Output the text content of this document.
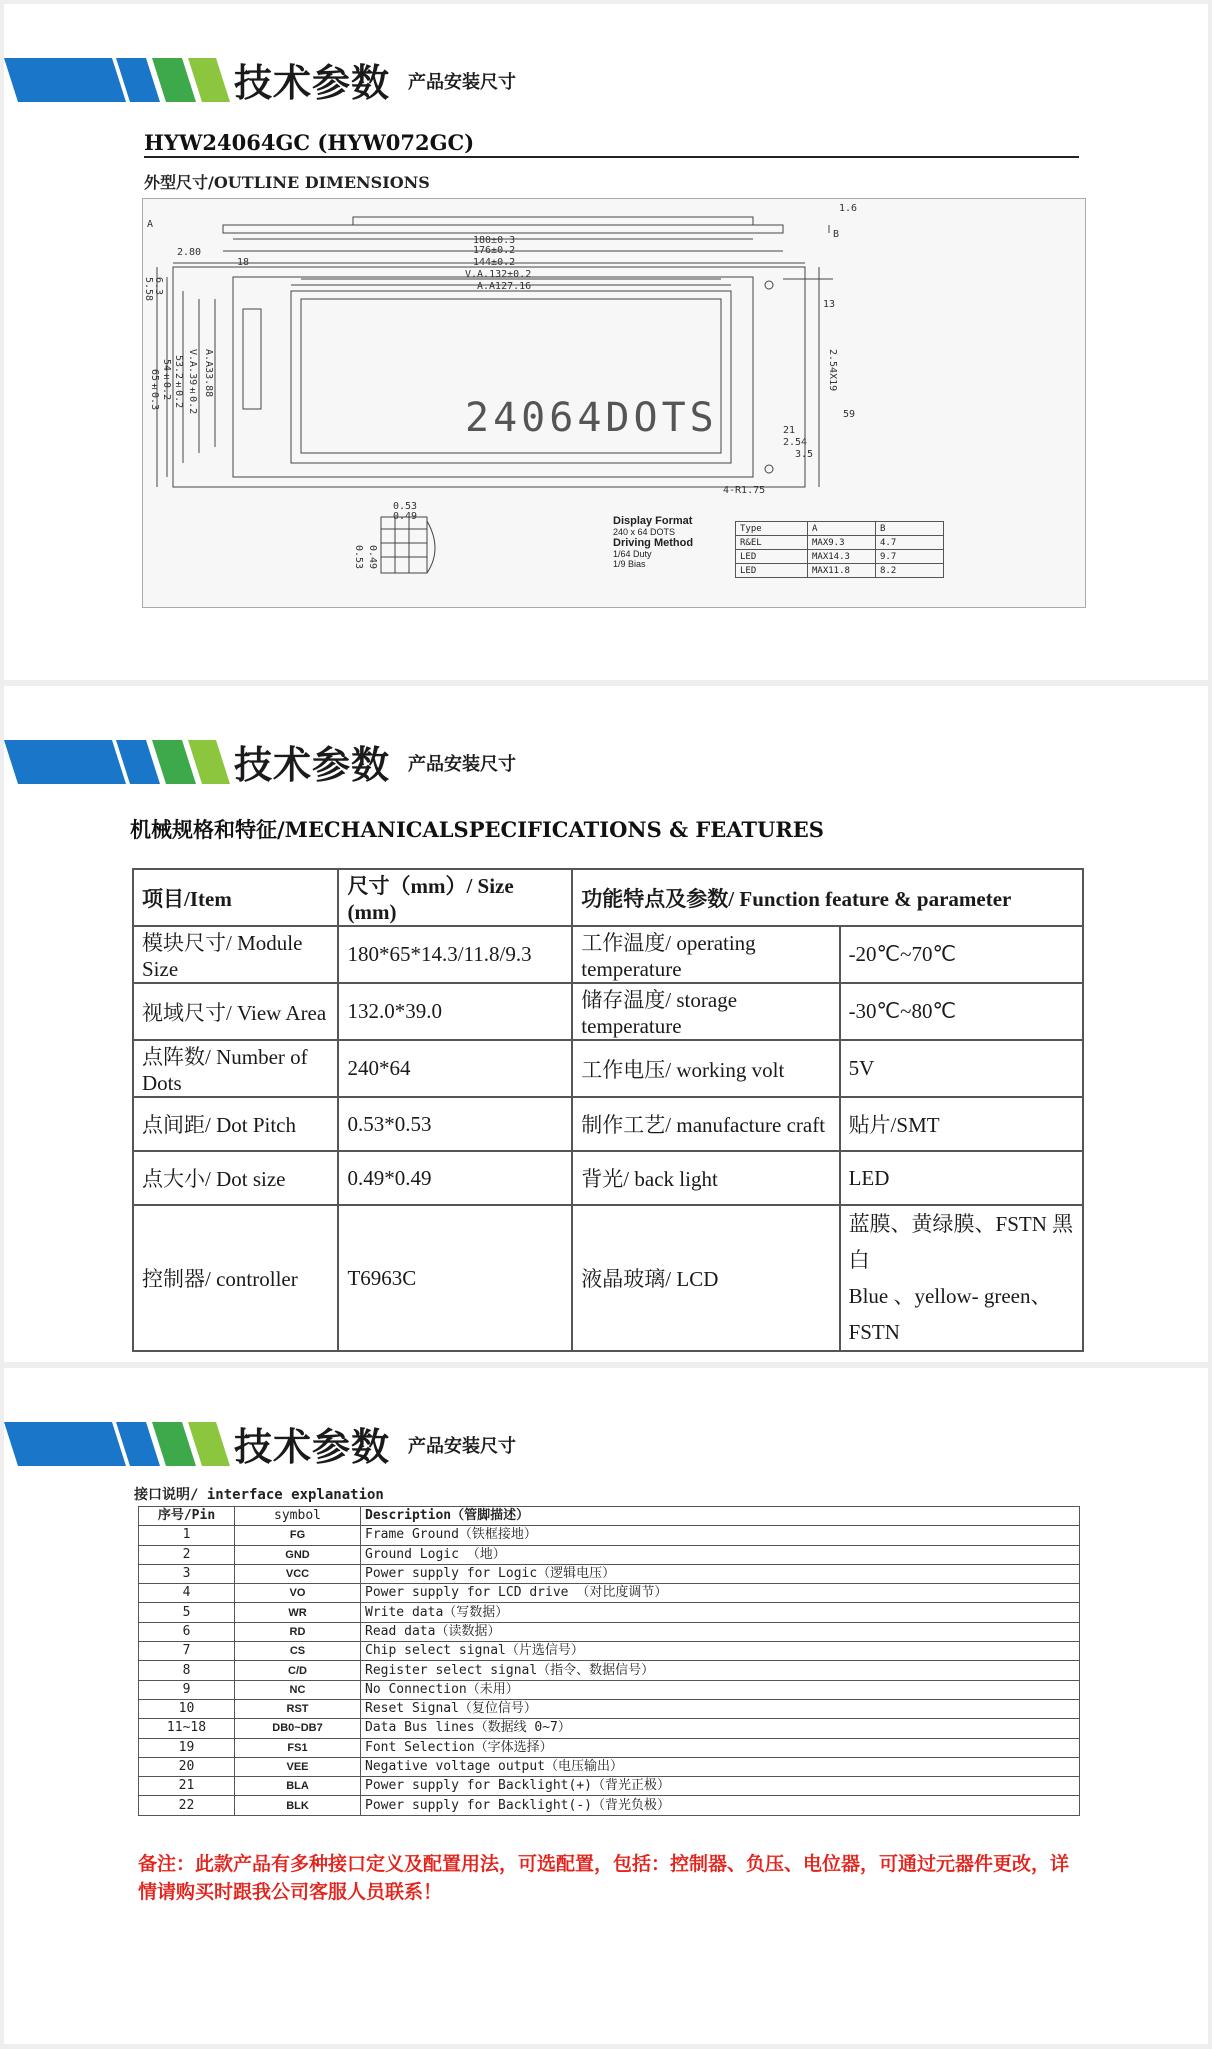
技术参数 产品安装尺寸
HYW24064GC (HYW072GC)
外型尺寸/OUTLINE DIMENSIONS
180±0.3
176±0.2
144±0.2
V.A.132±0.2
A.A127.16
2.80
18
5.58 6.3
65±0.3 54±0.2 53.2±0.2 V.A.39±0.2 A.A33.88
A
B
1.6
13
2.54X19
21
2.54
3.5
59
4-R1.75
0.53
0.49
0.53 0.49
24064DOTS
Display Format
240 x 64 DOTS
Driving Method
1/64 Duty
1/9 Bias
Type	A	B
R&EL	MAX9.3	4.7
LED	MAX14.3	9.7
LED	MAX11.8	8.2
技术参数 产品安装尺寸
机械规格和特征/MECHANICALSPECIFICATIONS & FEATURES
项目/Item	尺寸（mm）/ Size (mm)	功能特点及参数/ Function feature & parameter	
模块尺寸/ Module Size	180*65*14.3/11.8/9.3	工作温度/ operating temperature	-20℃~70℃
视域尺寸/ View Area	132.0*39.0	储存温度/ storage temperature	-30℃~80℃
点阵数/ Number of Dots	240*64	工作电压/ working volt	5V
点间距/ Dot Pitch	0.53*0.53	制作工艺/ manufacture craft	贴片/SMT
点大小/ Dot size	0.49*0.49	背光/ back light	LED
控制器/ controller	T6963C	液晶玻璃/ LCD	蓝膜、黄绿膜、FSTN 黑白
Blue 、yellow- green、FSTN
技术参数 产品安装尺寸
接口说明/ interface explanation
序号/Pin	symbol	Description（管脚描述）
1	FG	Frame Ground（铁框接地）
2	GND	Ground Logic （地）
3	VCC	Power supply for Logic（逻辑电压）
4	VO	Power supply for LCD drive （对比度调节）
5	WR	Write data（写数据）
6	RD	Read data（读数据）
7	CS	Chip select signal（片选信号）
8	C/D	Register select signal（指令、数据信号）
9	NC	No Connection（未用）
10	RST	Reset Signal（复位信号）
11~18	DB0~DB7	Data Bus lines（数据线 0~7）
19	FS1	Font Selection（字体选择）
20	VEE	Negative voltage output（电压输出）
21	BLA	Power supply for Backlight(+)（背光正极）
22	BLK	Power supply for Backlight(-)（背光负极）
备注：此款产品有多种接口定义及配置用法，可选配置，包括：控制器、负压、电位器，可通过元器件更改，详情请购买时跟我公司客服人员联系！
